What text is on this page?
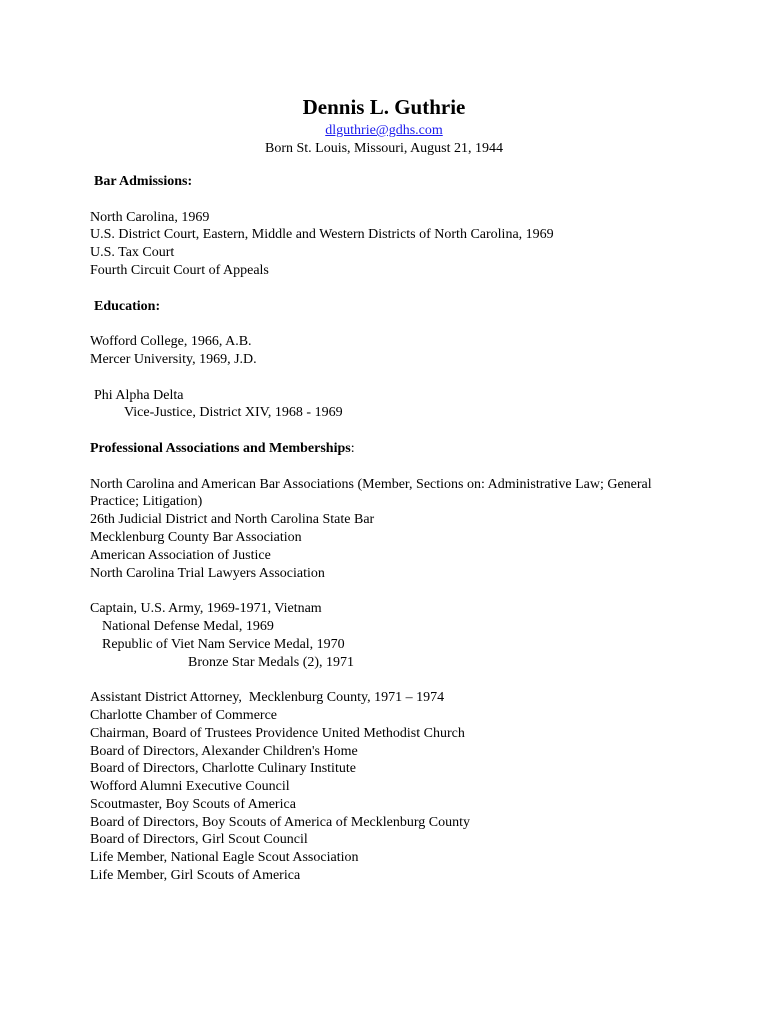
Dennis L. Guthrie
dlguthrie@gdhs.com
Born St. Louis, Missouri, August 21, 1944
Bar Admissions:
North Carolina, 1969
U.S. District Court, Eastern, Middle and Western Districts of North Carolina, 1969
U.S. Tax Court
Fourth Circuit Court of Appeals
Education:
Wofford College, 1966, A.B.
Mercer University, 1969, J.D.
Phi Alpha Delta
Vice-Justice, District XIV, 1968 - 1969
Professional Associations and Memberships:
North Carolina and American Bar Associations (Member, Sections on: Administrative Law; General Practice; Litigation)
26th Judicial District and North Carolina State Bar
Mecklenburg County Bar Association
American Association of Justice
North Carolina Trial Lawyers Association
Captain, U.S. Army, 1969-1971, Vietnam
National Defense Medal, 1969
Republic of Viet Nam Service Medal, 1970
Bronze Star Medals (2), 1971
Assistant District Attorney,  Mecklenburg County, 1971 – 1974
Charlotte Chamber of Commerce
Chairman, Board of Trustees Providence United Methodist Church
Board of Directors, Alexander Children's Home
Board of Directors, Charlotte Culinary Institute
Wofford Alumni Executive Council
Scoutmaster, Boy Scouts of America
Board of Directors, Boy Scouts of America of Mecklenburg County
Board of Directors, Girl Scout Council
Life Member, National Eagle Scout Association
Life Member, Girl Scouts of America
